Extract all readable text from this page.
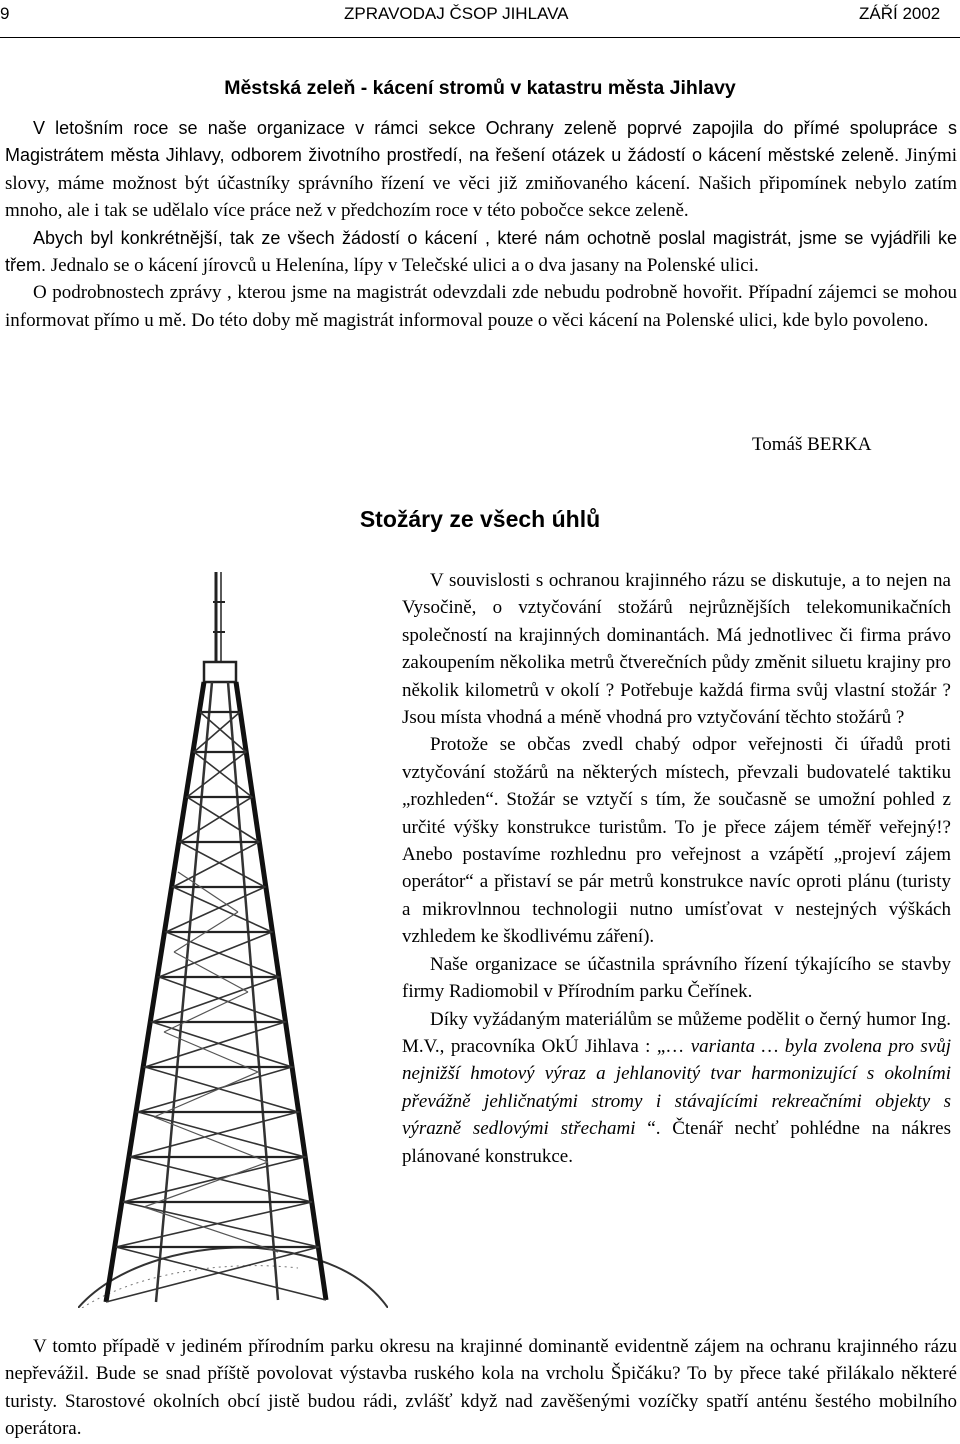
9	ZPRAVODAJ ČSOP JIHLAVA	ZÁŘÍ 2002
Městská zeleň - kácení stromů v katastru města Jihlavy

V letošním roce se naše organizace v rámci sekce Ochrany zeleně poprvé zapojila do přímé spolupráce s Magistrátem města Jihlavy, odborem životního prostředí, na řešení otázek u žádostí o kácení městské zeleně. Jinými slovy, máme možnost být účastníky správního řízení ve věci již zmiňovaného kácení. Našich připomínek nebylo zatím mnoho, ale i tak se udělalo více práce než v předchozím roce v této pobočce sekce zeleně.

Abych byl konkrétnější, tak ze všech žádostí o kácení , které nám ochotně poslal magistrát, jsme se vyjádřili ke třem. Jednalo se o kácení jírovců u Helenína, lípy v Telečské ulici a o dva jasany na Polenské ulici.

O podrobnostech zprávy , kterou jsme na magistrát odevzdali zde nebudu podrobně hovořit. Případní zájemci se mohou informovat přímo u mě. Do této doby mě magistrát informoval pouze o věci kácení na Polenské ulici, kde bylo povoleno.

Tomáš BERKA
Stožáry ze všech úhlů

V souvislosti s ochranou krajinného rázu se diskutuje, a to nejen na Vysočině, o vztyčování stožárů nejrůznějších telekomunikačních společností na krajinných dominantách. Má jednotlivec či firma právo zakoupením několika metrů čtverečních půdy změnit siluetu krajiny pro několik kilometrů v okolí ? Potřebuje každá firma svůj vlastní stožár ? Jsou místa vhodná a méně vhodná pro vztyčování těchto stožárů ?

Protože se občas zvedl chabý odpor veřejnosti či úřadů proti vztyčování stožárů na některých místech, převzali budovatelé taktiku „rozhleden“. Stožár se vztyčí s tím, že současně se umožní pohled z určité výšky konstrukce turistům. To je přece zájem téměř veřejný!? Anebo postavíme rozhlednu pro veřejnost a vzápětí „projeví zájem operátor“ a přistaví se pár metrů konstrukce navíc oproti plánu (turisty a mikrovlnnou technologii nutno umísťovat v nestejných výškách vzhledem ke škodlivému záření).

Naše organizace se účastnila správního řízení týkajícího se stavby firmy Radiomobil v Přírodním parku Čeřínek.

Díky vyžádaným materiálům se můžeme podělit o černý humor Ing. M.V., pracovníka OkÚ Jihlava : „… varianta … byla zvolena pro svůj nejnižší hmotový výraz a jehlanovitý tvar harmonizující s okolními převážně jehličnatými stromy i stávajícími rekreačními objekty s výrazně sedlovými střechami “. Čtenář nechť pohlédne na nákres plánované konstrukce.

V tomto případě v jediném přírodním parku okresu na krajinné dominantě evidentně zájem na ochranu krajinného rázu nepřevážil. Bude se snad příště povolovat výstavba ruského kola na vrcholu Špičáku? To by přece také přilákalo některé turisty. Starostové okolních obcí jistě budou rádi, zvlášť když nad zavěšenými vozíčky spatří anténu šestého mobilního operátora.
